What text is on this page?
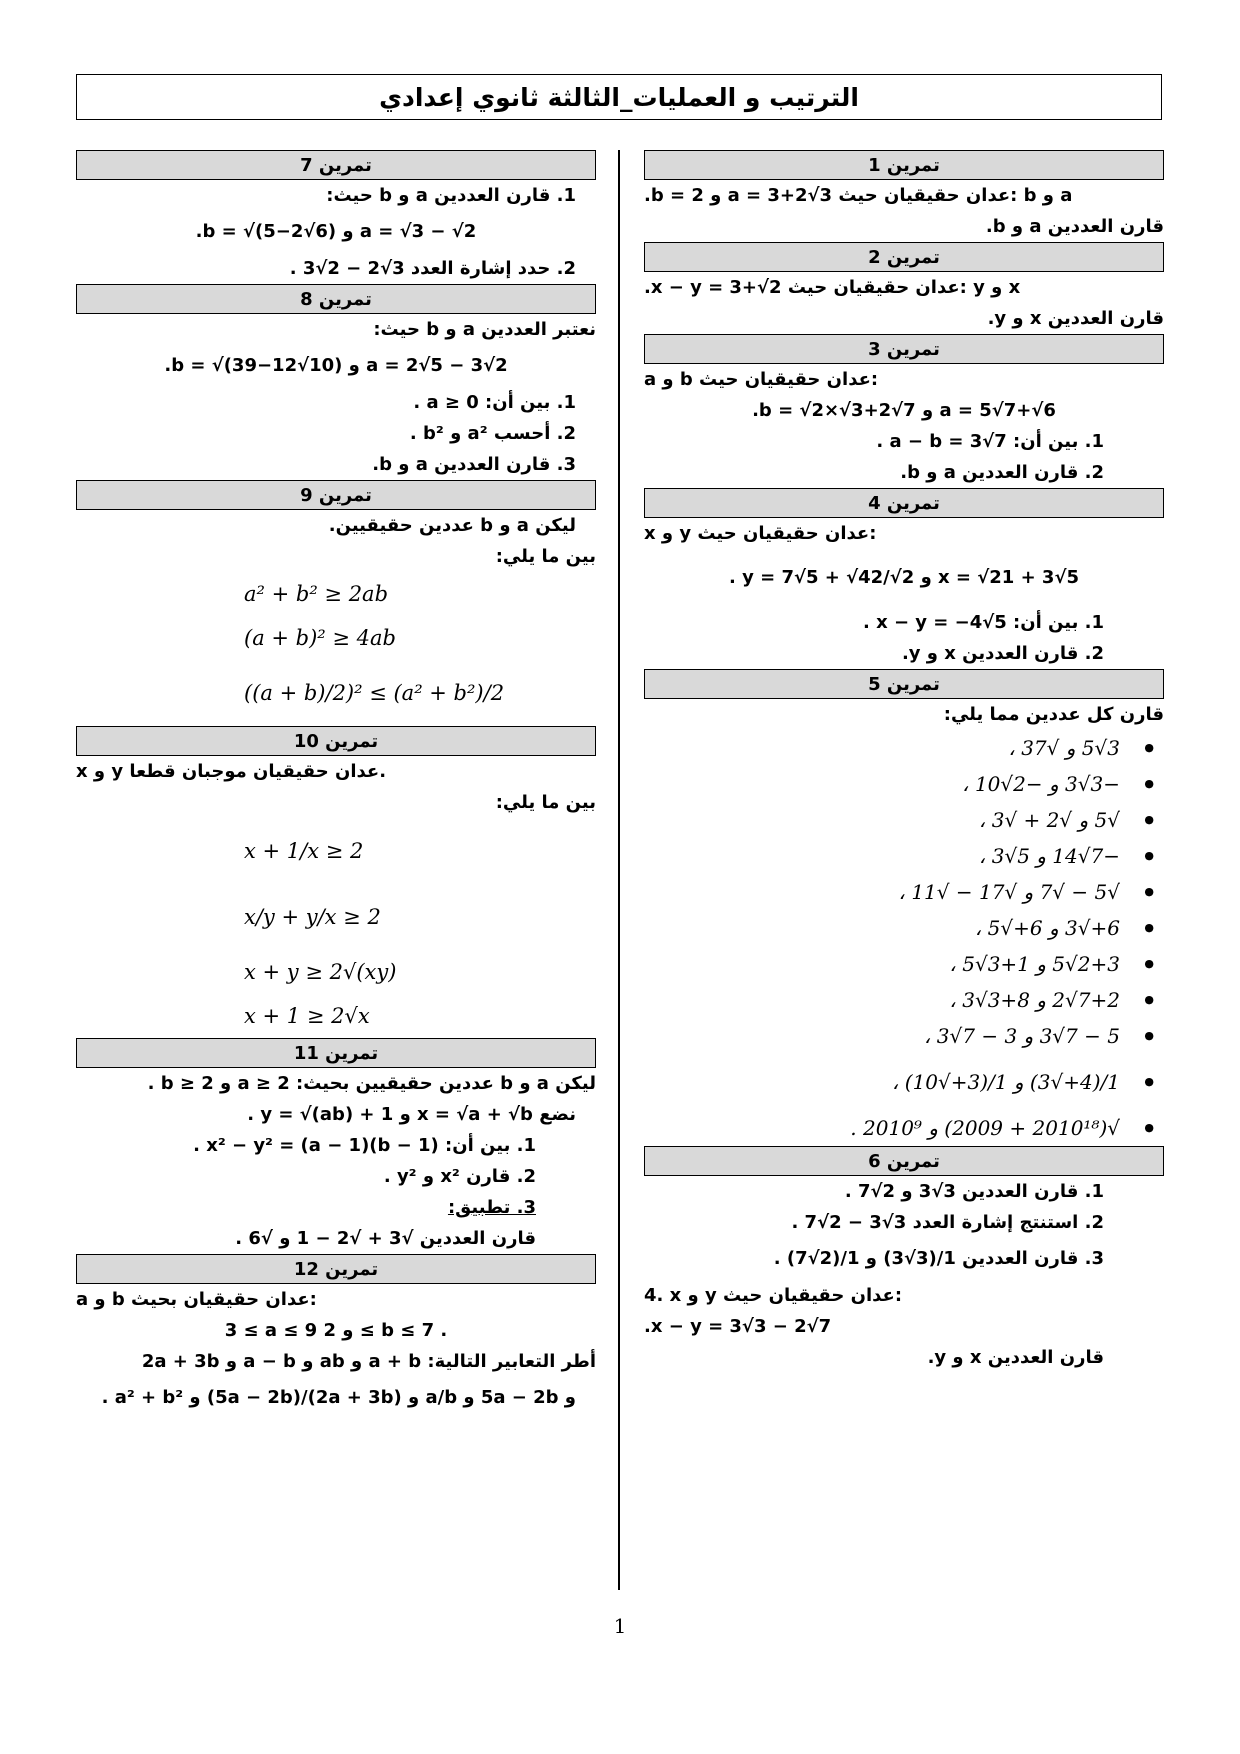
الترتيب و العمليات_الثالثة ثانوي إعدادي
تمرين 1
.b = 2 و a = 3+2√3 عدان حقيقيان حيث: b و a
قارن العددين a و b.
تمرين 2
.x − y = 3+√2 عدان حقيقيان حيث: y و x
قارن العددين x و y.
تمرين 3
a و b عدان حقيقيان حيث:
.b = √2×√3+2√7 و a = 5√7+√6
1. بين أن: a − b = 3√7 .
2. قارن العددين a و b.
تمرين 4
x و y عدان حقيقيان حيث:
. y = 7√5 + √42/√2 و x = √21 + 3√5
1. بين أن: x − y = −4√5 .
2. قارن العددين x و y.
تمرين 5
قارن كل عددين مما يلي:
● 3√5 و √37 ،
● −3√3 و −2√10 ،
● √5 و √2 + √3 ،
● −7√14 و 5√3 ،
● √5 − √7 و √17 − √11 ،
● 6+√3 و 6+√5 ،
● 2+3√5 و 1+3√5 ،
● 7+2√2 و 8+3√3 ،
● 5 − 7√3 و 3 − 7√3 ،
● 1/(4+√3) و 1/(3+√10) ،
● √(2010¹⁸ + 2009) و 2010⁹ .
تمرين 6
1. قارن العددين 3√3 و 2√7 .
2. استنتج إشارة العدد 3√3 − 2√7 .
3. قارن العددين 1/(3√3) و 1/(2√7) .
4. x و y عدان حقيقيان حيث:
.x − y = 3√3 − 2√7
قارن العددين x و y.
تمرين 7
1. قارن العددين a و b حيث:
.b = √(5−2√6) و a = √3 − √2
2. حدد إشارة العدد 3√2 − 2√3 .
تمرين 8
نعتبر العددين a و b حيث:
.b = √(39−12√10) و a = 2√5 − 3√2
1. بين أن: a ≥ 0 .
2. أحسب a² و b² .
3. قارن العددين a و b.
تمرين 9
ليكن a و b عددين حقيقيين.
بين ما يلي:
a² + b² ≥ 2ab
(a + b)² ≥ 4ab
((a + b)/2)² ≤ (a² + b²)/2
تمرين 10
x و y عدان حقيقيان موجبان قطعا.
بين ما يلي:
x + 1/x ≥ 2
x/y + y/x ≥ 2
x + y ≥ 2√(xy)
x + 1 ≥ 2√x
تمرين 11
ليكن a و b عددين حقيقيين بحيث: a ≥ 2 و b ≥ 2 .
نضع x = √a + √b و y = √(ab) + 1 .
1. بين أن: x² − y² = (a − 1)(b − 1) .
2. قارن x² و y² .
3. تطبيق:
قارن العددين √3 + √2 − 1 و √6 .
تمرين 12
a و b عدان حقيقيان بحيث:
3 ≤ a ≤ 9 و 2 ≤ b ≤ 7 .
أطر التعابير التالية: a + b و ab و a − b و 2a + 3b
و 5a − 2b و a/b و (2a + 3b)/(5a − 2b) و a² + b² .
1
